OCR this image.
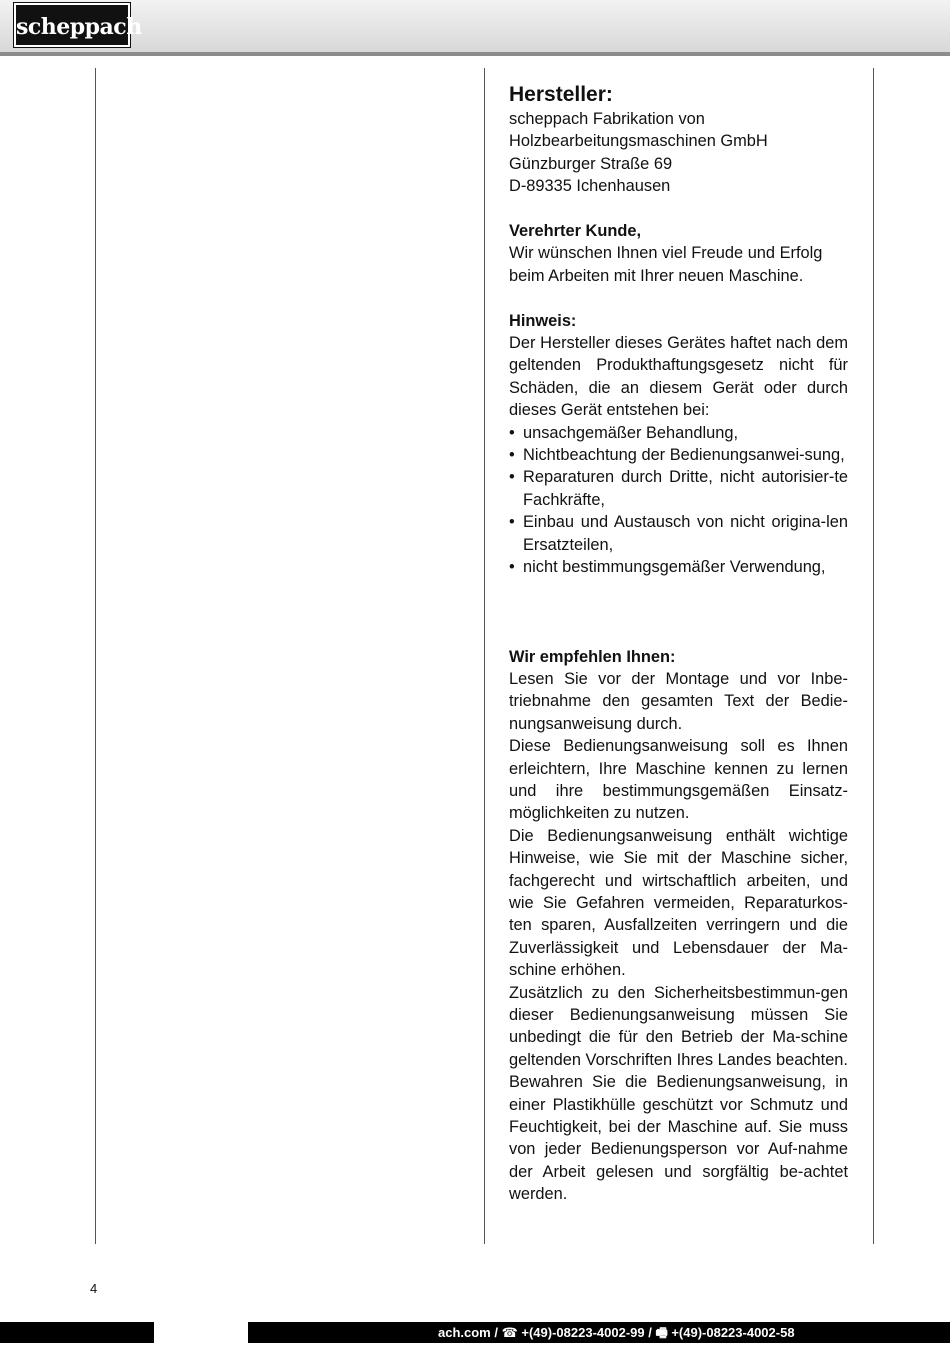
scheppach

Hersteller:

scheppach Fabrikation von

Holzbearbeitungsmaschinen GmbH

Günzburger Straße 69

D-89335 Ichenhausen

Verehrter Kunde,

Wir wünschen Ihnen viel Freude und Erfolg beim Arbeiten mit Ihrer neuen Maschine.

Hinweis:

Der Hersteller dieses Gerätes haftet nach dem geltenden Produkthaftungsgesetz nicht für Schäden, die an diesem Gerät oder durch dieses Gerät entstehen bei:

• unsachgemäßer Behandlung,
• Nichtbeachtung der Bedienungsanwei-sung,
• Reparaturen durch Dritte, nicht autorisier-te Fachkräfte,
• Einbau und Austausch von nicht origina-len Ersatzteilen,
• nicht bestimmungsgemäßer Verwendung,

Wir empfehlen Ihnen:

Lesen Sie vor der Montage und vor Inbe-triebnahme den gesamten Text der Bedie-nungsanweisung durch.

Diese Bedienungsanweisung soll es Ihnen erleichtern, Ihre Maschine kennen zu lernen und ihre bestimmungsgemäßen Einsatz-möglichkeiten zu nutzen.

Die Bedienungsanweisung enthält wichtige Hinweise, wie Sie mit der Maschine sicher, fachgerecht und wirtschaftlich arbeiten, und wie Sie Gefahren vermeiden, Reparaturkos-ten sparen, Ausfallzeiten verringern und die Zuverlässigkeit und Lebensdauer der Ma-schine erhöhen.

Zusätzlich zu den Sicherheitsbestimmun-gen dieser Bedienungsanweisung müssen Sie unbedingt die für den Betrieb der Ma-schine geltenden Vorschriften Ihres Landes beachten.

Bewahren Sie die Bedienungsanweisung, in einer Plastikhülle geschützt vor Schmutz und Feuchtigkeit, bei der Maschine auf. Sie muss von jeder Bedienungsperson vor Auf-nahme der Arbeit gelesen und sorgfältig be-achtet werden.

4
ach.com / ☎ +(49)-08223-4002-99 / 🖷 +(49)-08223-4002-58
